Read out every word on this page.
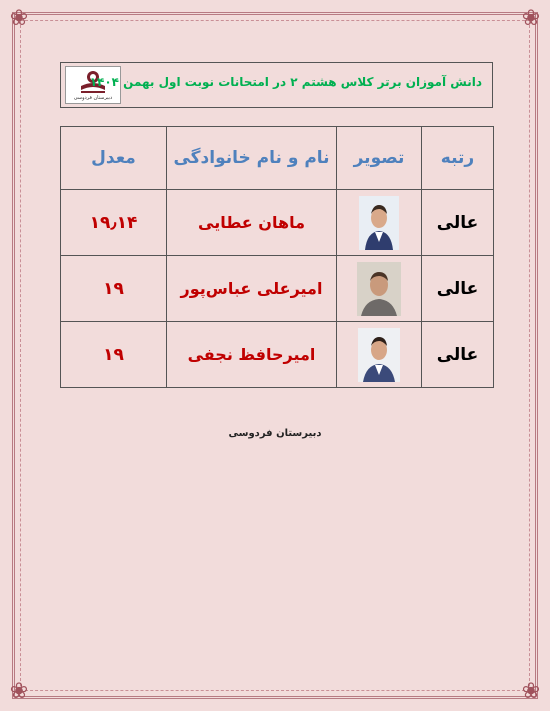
❀	❀
❀	❀
دبیرستان فردوسی
دانش آموزان برتر کلاس هشتم ۲ در امتحانات نوبت اول بهمن ۱۴۰۴
رتبه	تصویر	نام و نام خانوادگی	معدل
عالی		ماهان عطایی	۱۹٫۱۴
عالی		امیرعلی عباس‌پور	۱۹
عالی		امیرحافظ نجفی	۱۹
دبیرستان فردوسی
